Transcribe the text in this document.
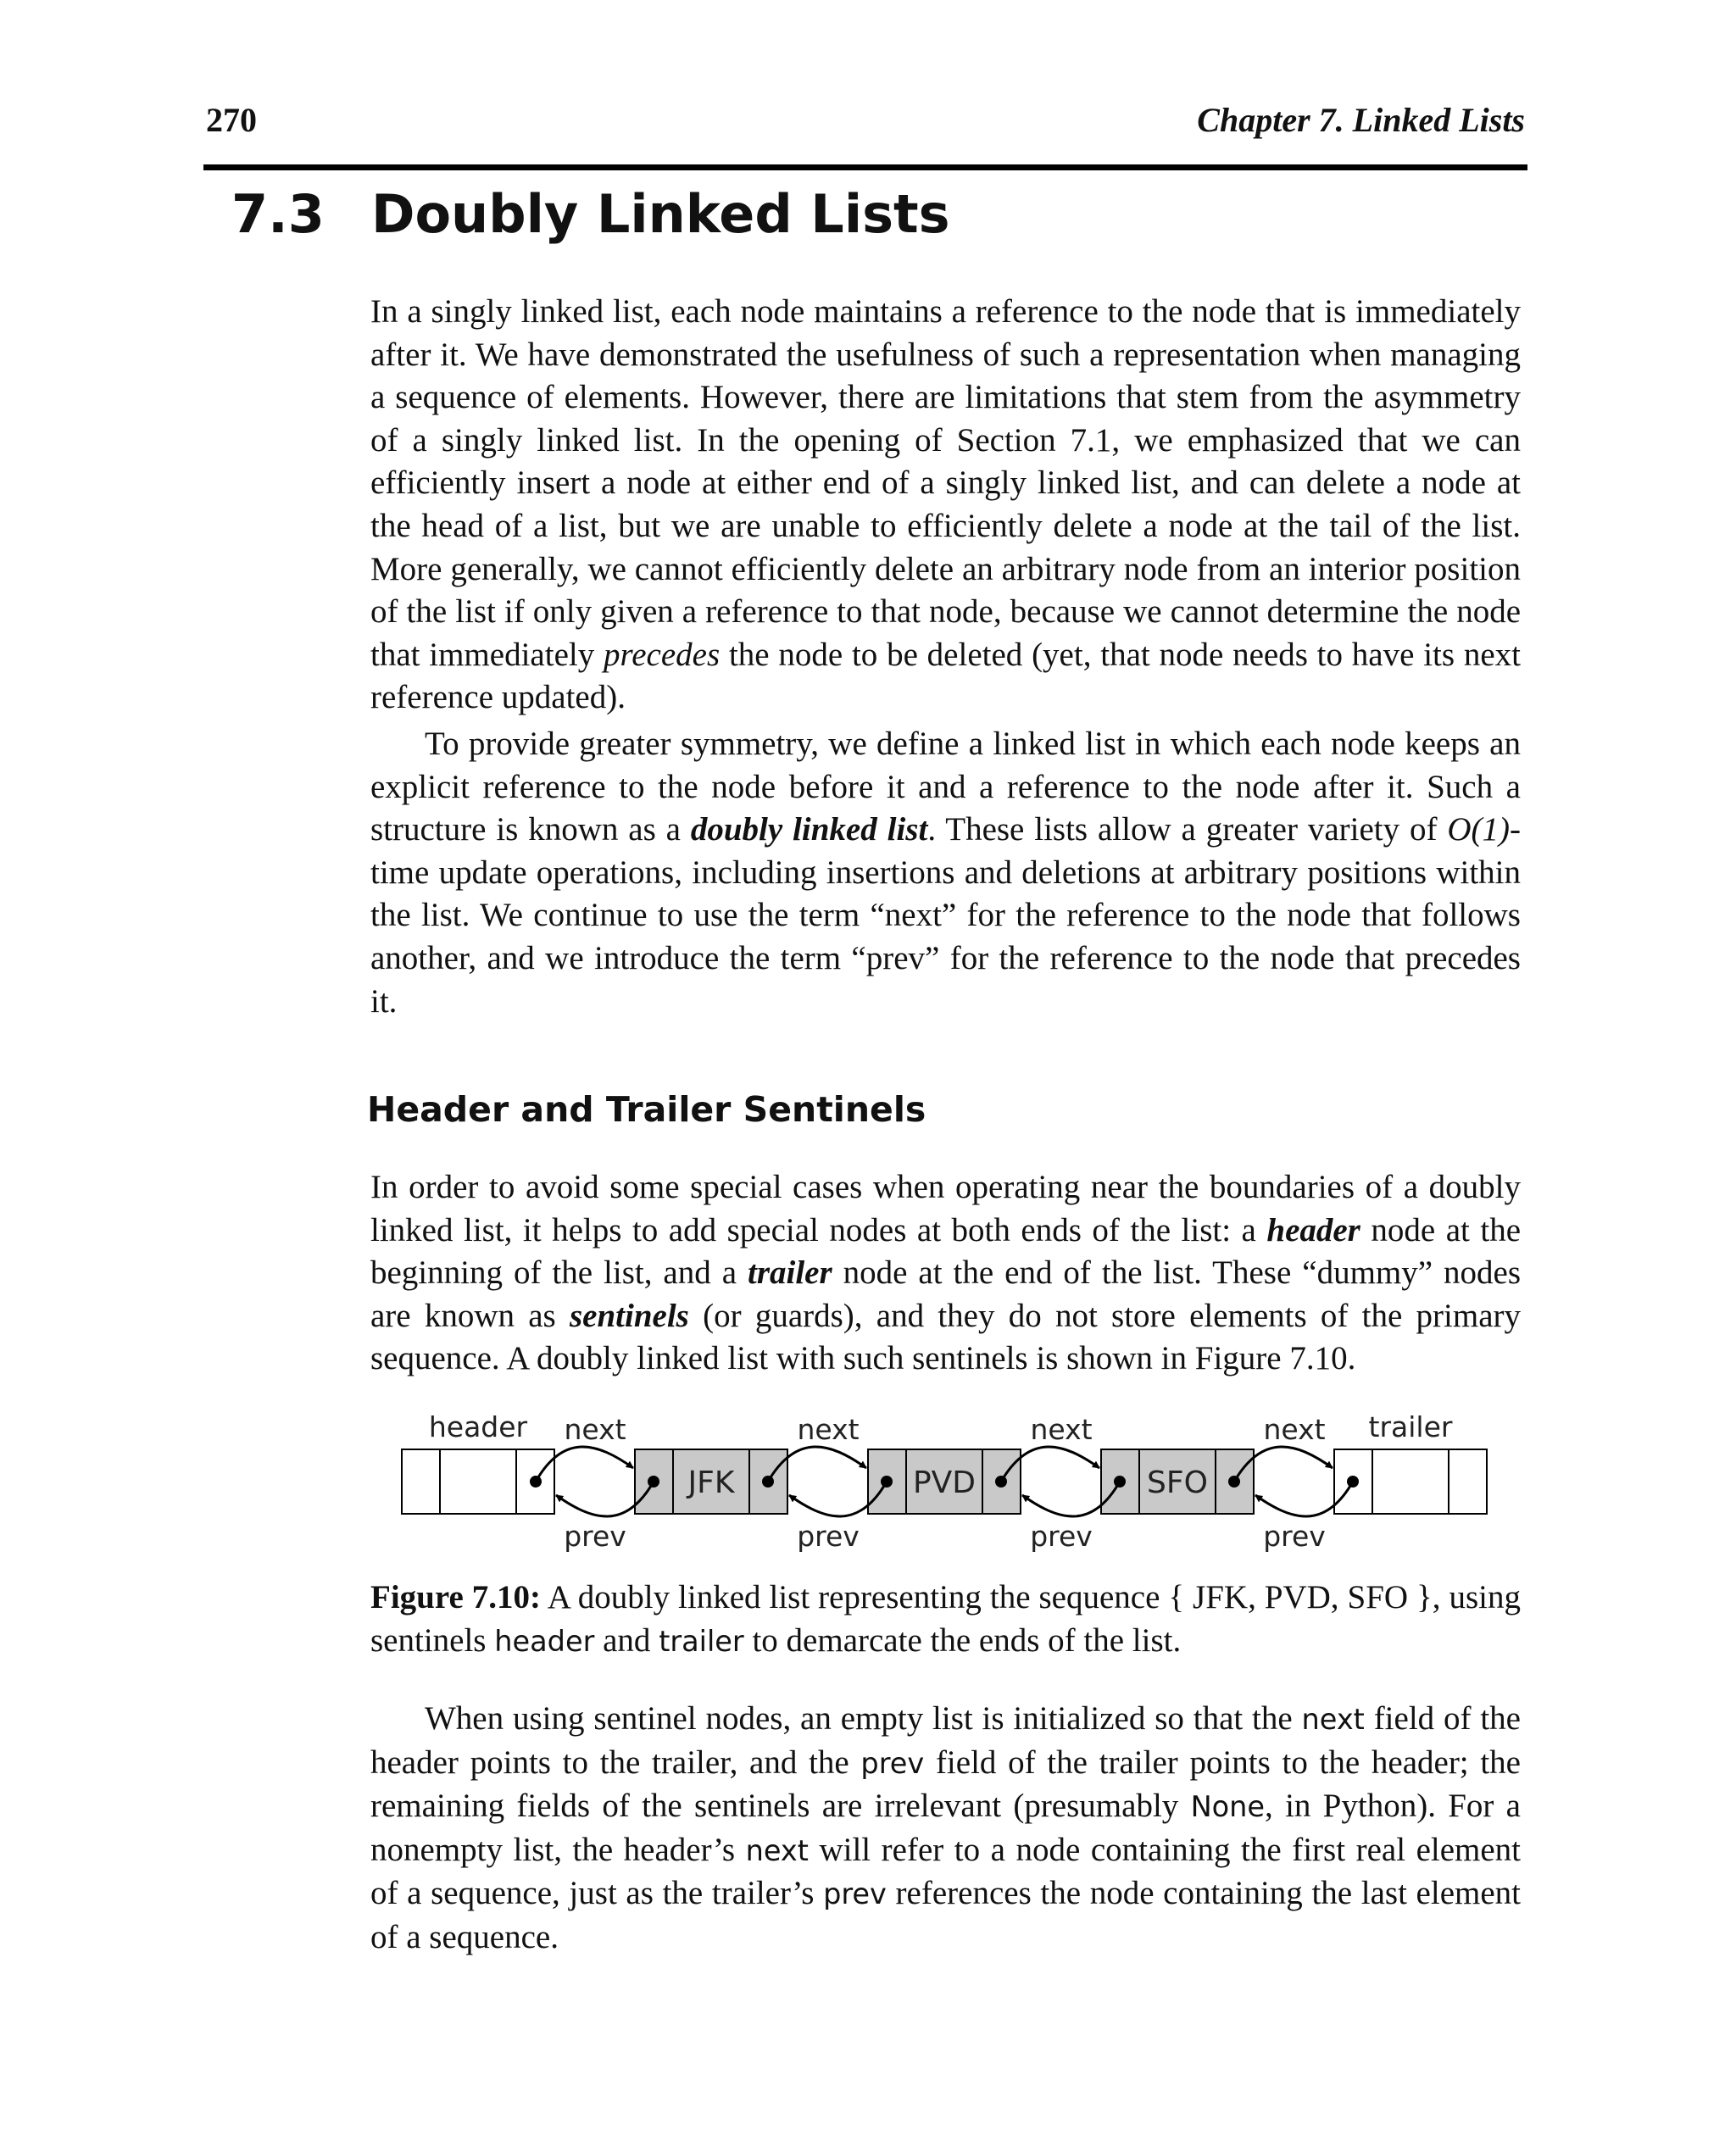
270	Chapter 7. Linked Lists
7.3 Doubly Linked Lists

In a singly linked list, each node maintains a reference to the node that is immediately after it. We have demonstrated the usefulness of such a representation when managing a sequence of elements. However, there are limitations that stem from the asymmetry of a singly linked list. In the opening of Section 7.1, we emphasized that we can efficiently insert a node at either end of a singly linked list, and can delete a node at the head of a list, but we are unable to efficiently delete a node at the tail of the list. More generally, we cannot efficiently delete an arbitrary node from an interior position of the list if only given a reference to that node, because we cannot determine the node that immediately precedes the node to be deleted (yet, that node needs to have its next reference updated).

To provide greater symmetry, we define a linked list in which each node keeps an explicit reference to the node before it and a reference to the node after it. Such a structure is known as a doubly linked list. These lists allow a greater variety of O(1)-time update operations, including insertions and deletions at arbitrary positions within the list. We continue to use the term “next” for the reference to the node that follows another, and we introduce the term “prev” for the reference to the node that precedes it.

Header and Trailer Sentinels

In order to avoid some special cases when operating near the boundaries of a doubly linked list, it helps to add special nodes at both ends of the list: a header node at the beginning of the list, and a trailer node at the end of the list. These “dummy” nodes are known as sentinels (or guards), and they do not store elements of the primary sequence. A doubly linked list with such sentinels is shown in Figure 7.10.

JFK	PVD	SFO
header	trailer
next	next	next	next
prev	prev	prev	prev

Figure 7.10: A doubly linked list representing the sequence { JFK, PVD, SFO }, using sentinels header and trailer to demarcate the ends of the list.

When using sentinel nodes, an empty list is initialized so that the next field of the header points to the trailer, and the prev field of the trailer points to the header; the remaining fields of the sentinels are irrelevant (presumably None, in Python). For a nonempty list, the header’s next will refer to a node containing the first real element of a sequence, just as the trailer’s prev references the node containing the last element of a sequence.
